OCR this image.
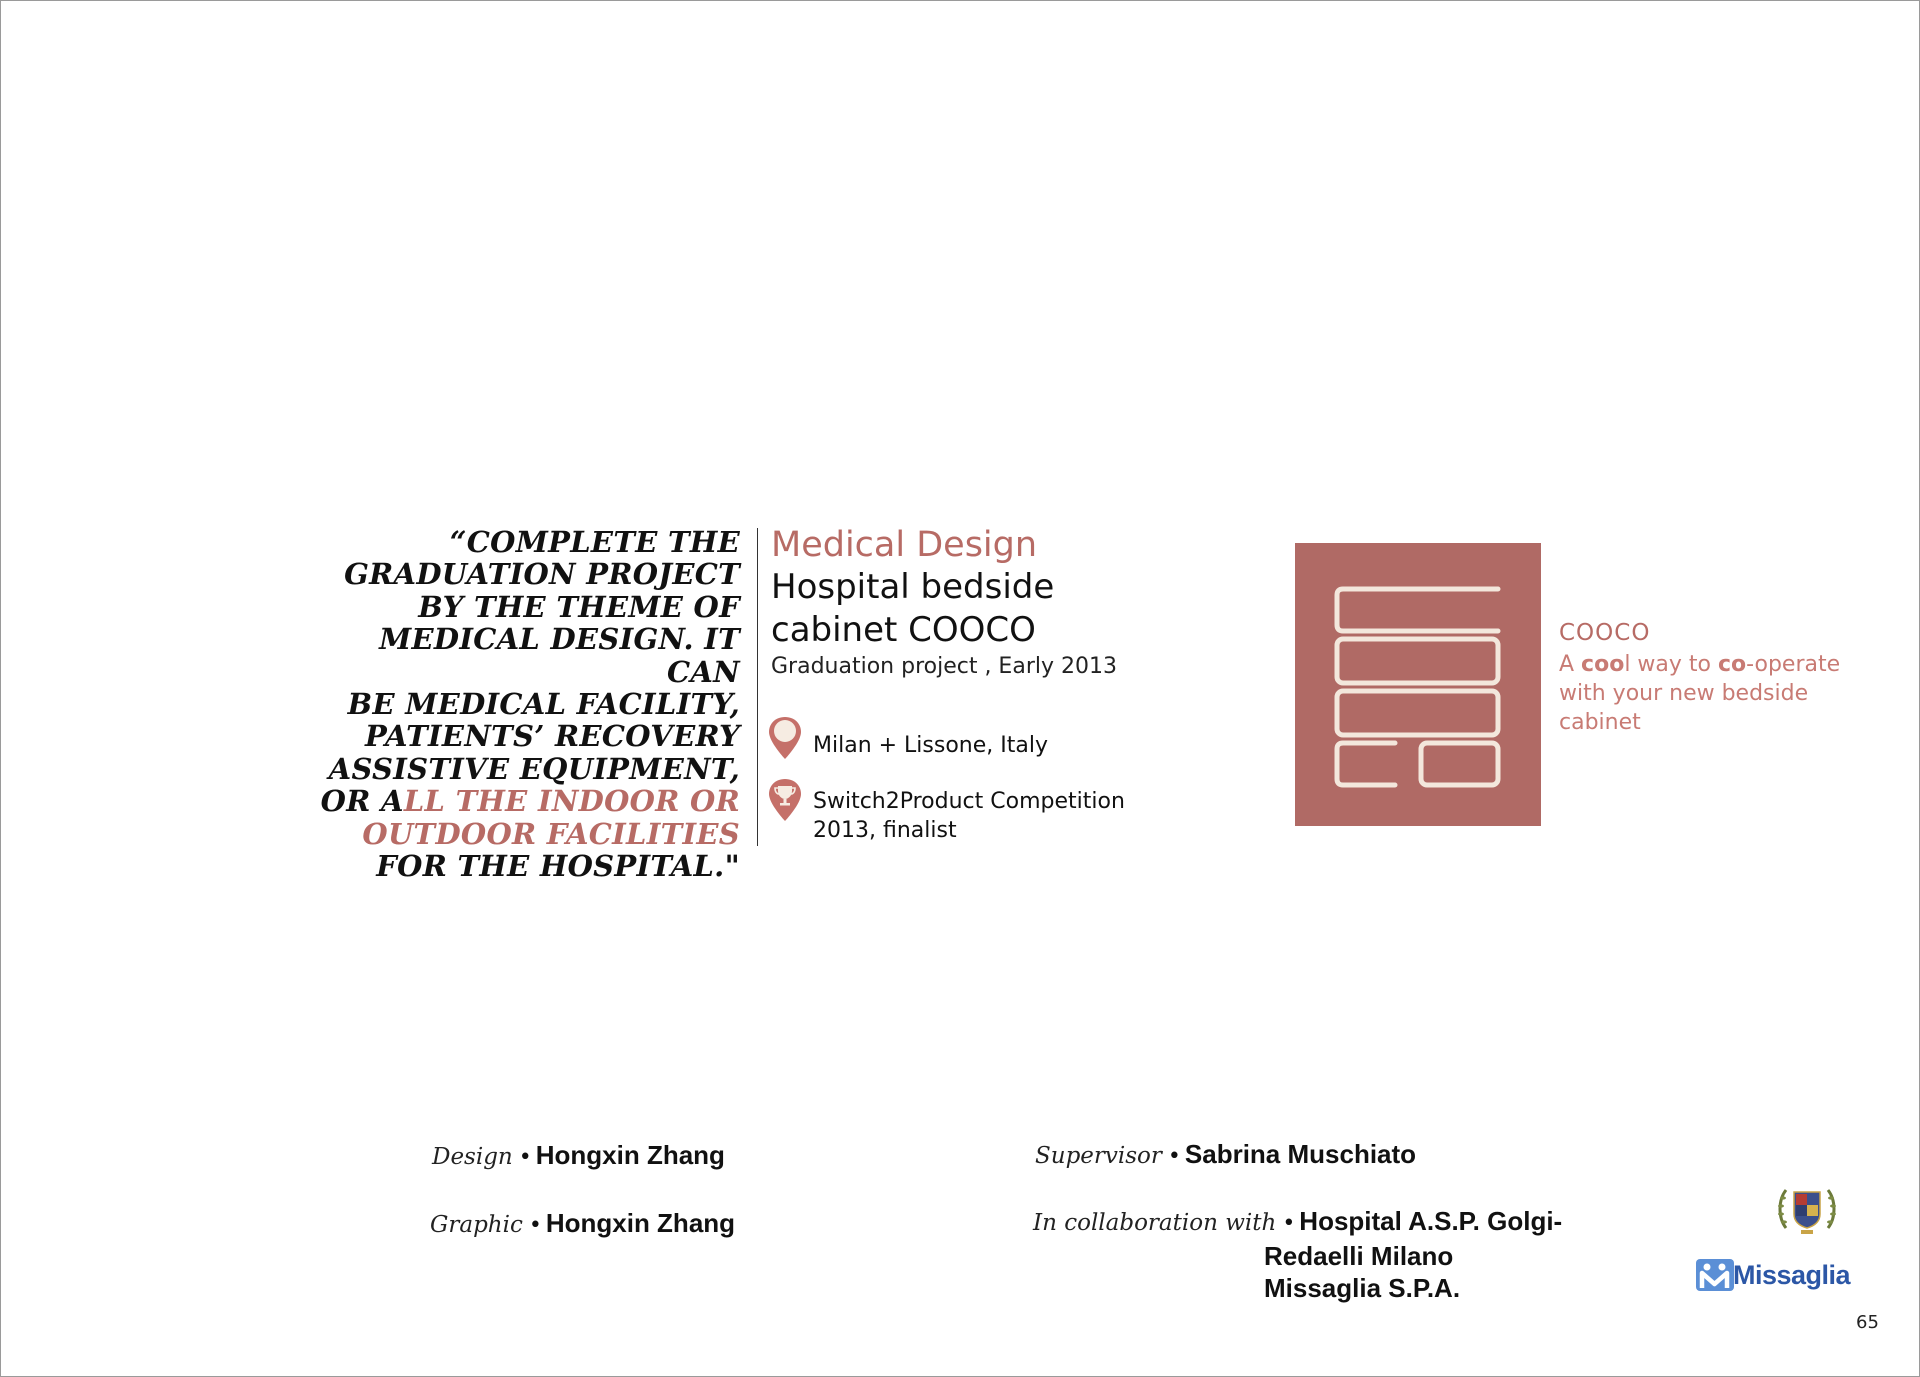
“COMPLETE THE
GRADUATION PROJECT
BY THE THEME OF
MEDICAL DESIGN. IT CAN
BE MEDICAL FACILITY,
PATIENTS’ RECOVERY
ASSISTIVE EQUIPMENT,
OR ALL THE INDOOR OR
OUTDOOR FACILITIES
FOR THE HOSPITAL."
Medical Design
Hospital bedside
cabinet COOCO
Graduation project , Early 2013
Milan + Lissone, Italy
Switch2Product Competition
2013, finalist
COOCO
A cool way to co-operate
with your new bedside
cabinet
Design • Hongxin Zhang
Graphic • Hongxin Zhang
Supervisor • Sabrina Muschiato
In collaboration with • Hospital A.S.P. Golgi-
Redaelli Milano
Missaglia S.P.A.	Missaglia
65
